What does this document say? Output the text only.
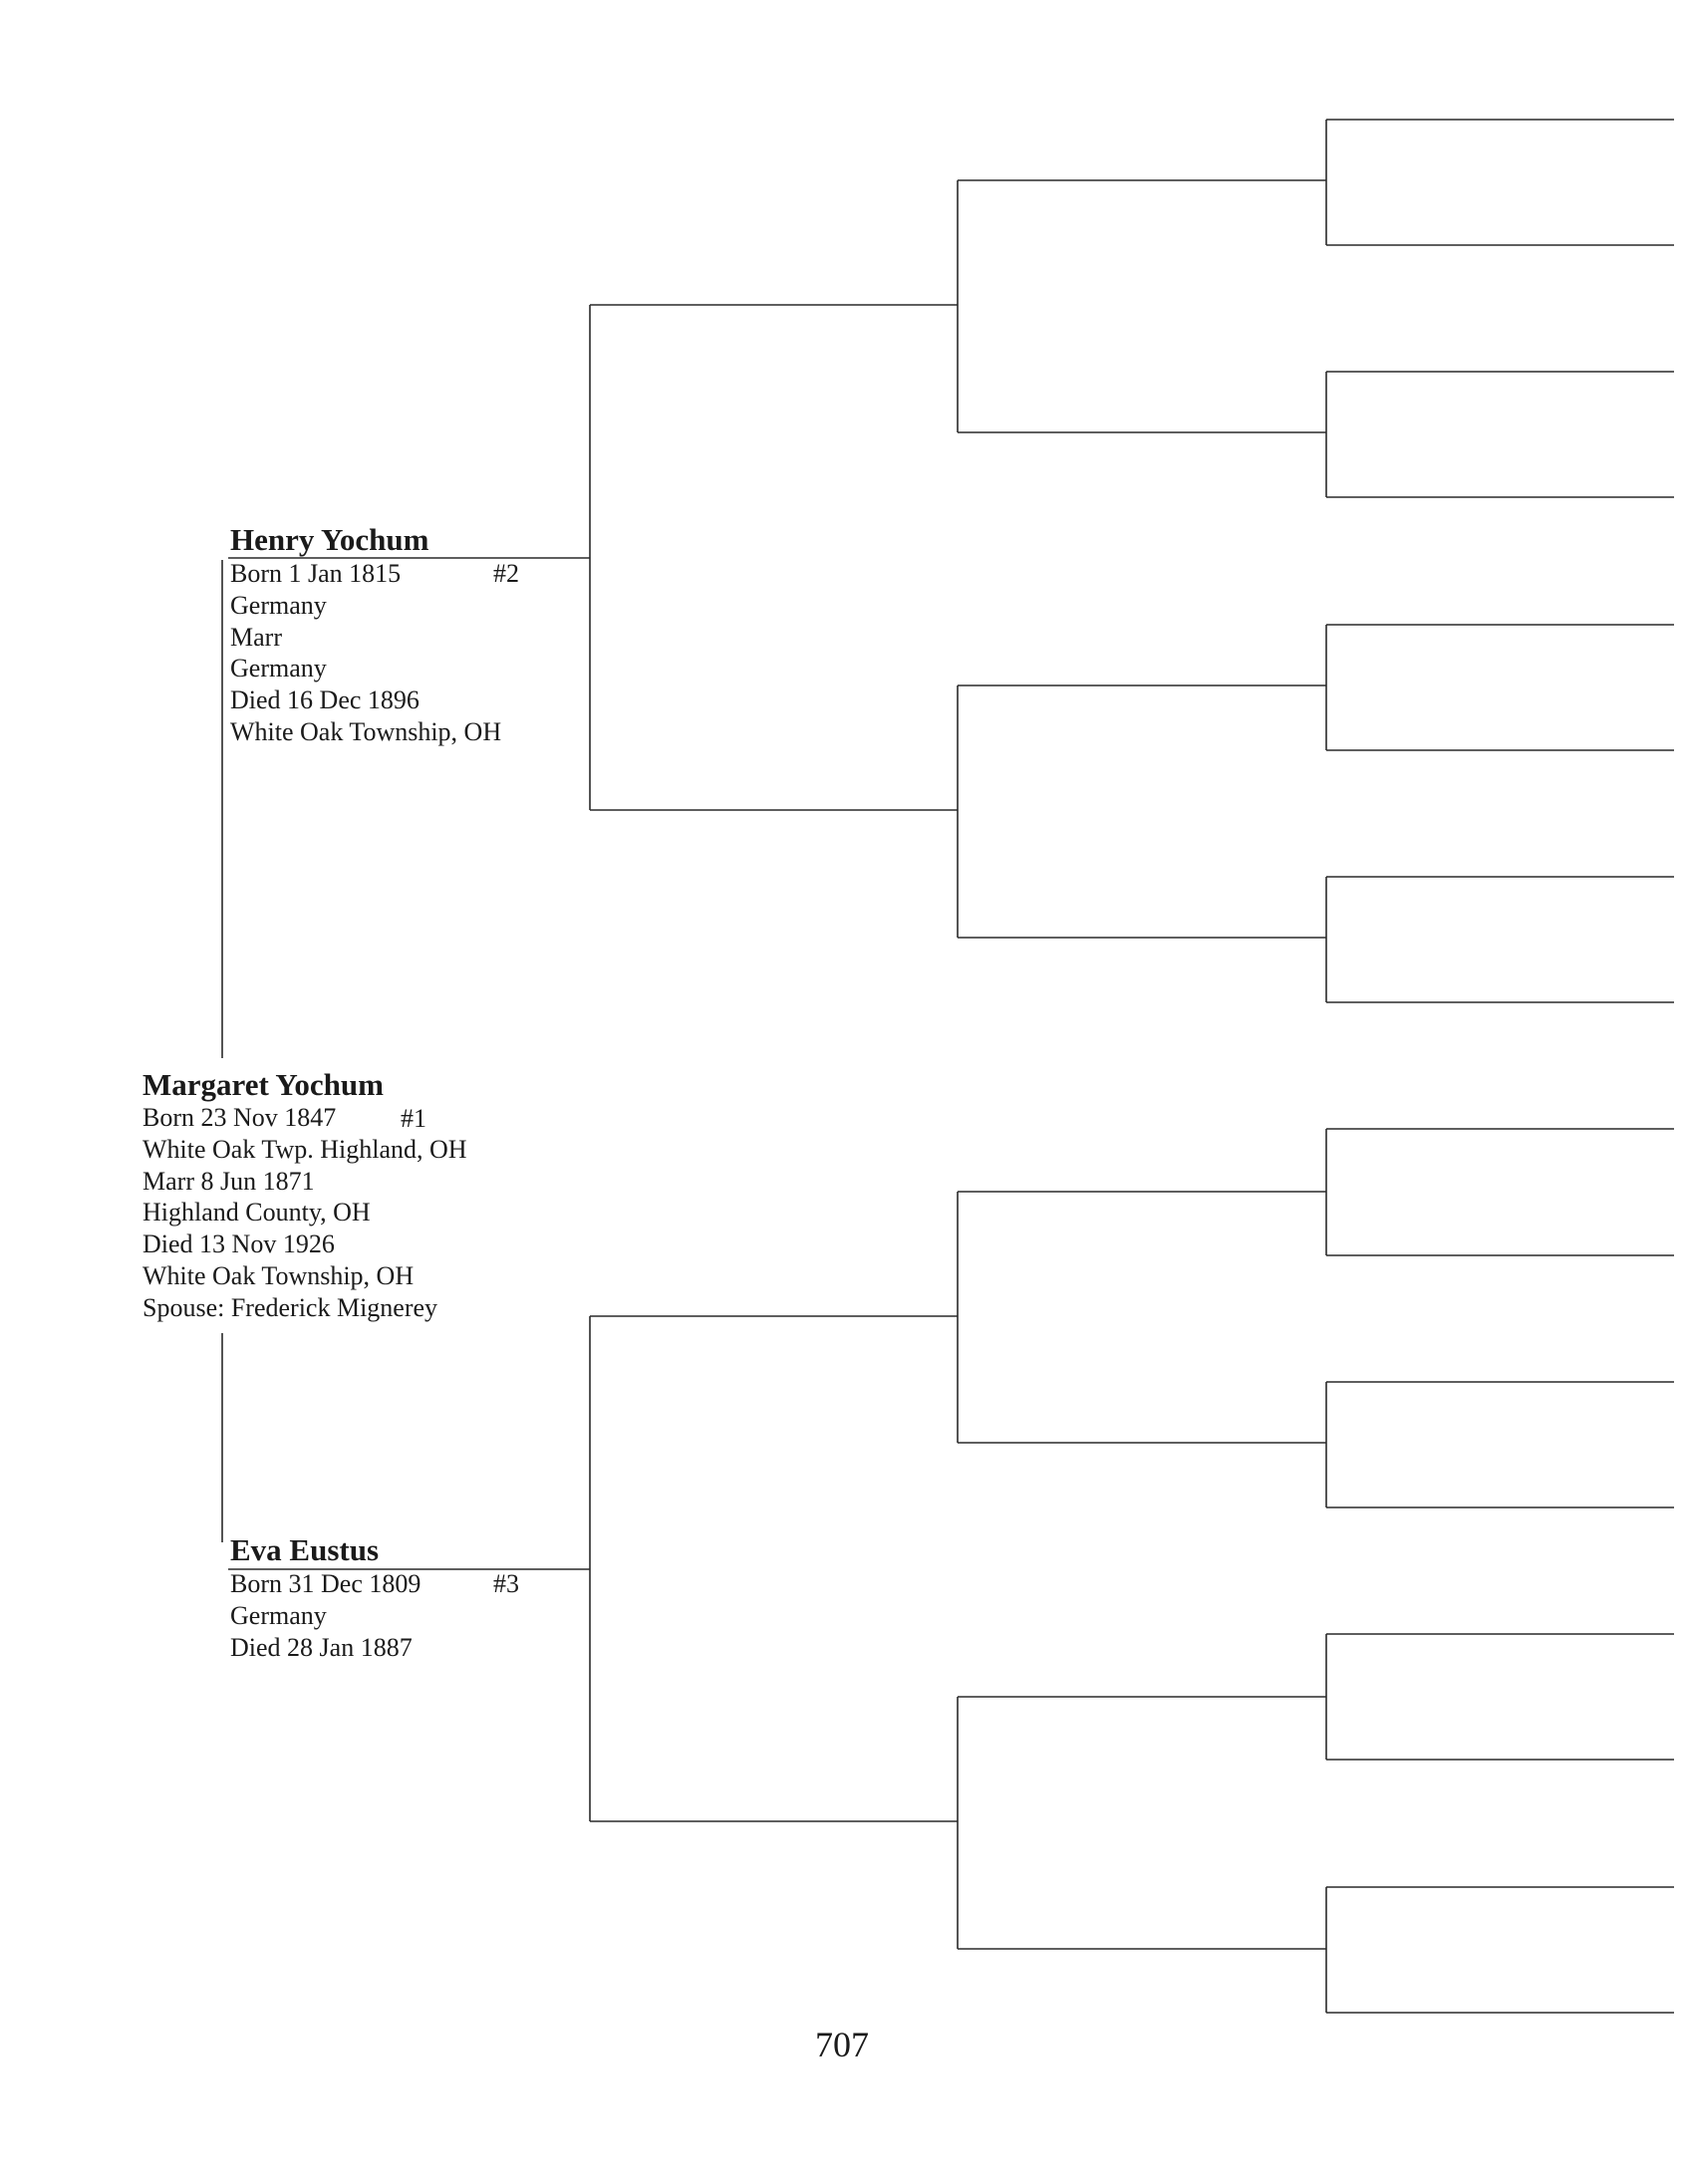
Henry Yochum
Born 1 Jan 1815
Germany
Marr
Germany
Died 16 Dec 1896
White Oak Township, OH
#2
Margaret Yochum
Born 23 Nov 1847
White Oak Twp. Highland, OH
Marr 8 Jun 1871
Highland County, OH
Died 13 Nov 1926
White Oak Township, OH
Spouse: Frederick Mignerey
#1
Eva Eustus
Born 31 Dec 1809
Germany
Died 28 Jan 1887
#3
707
